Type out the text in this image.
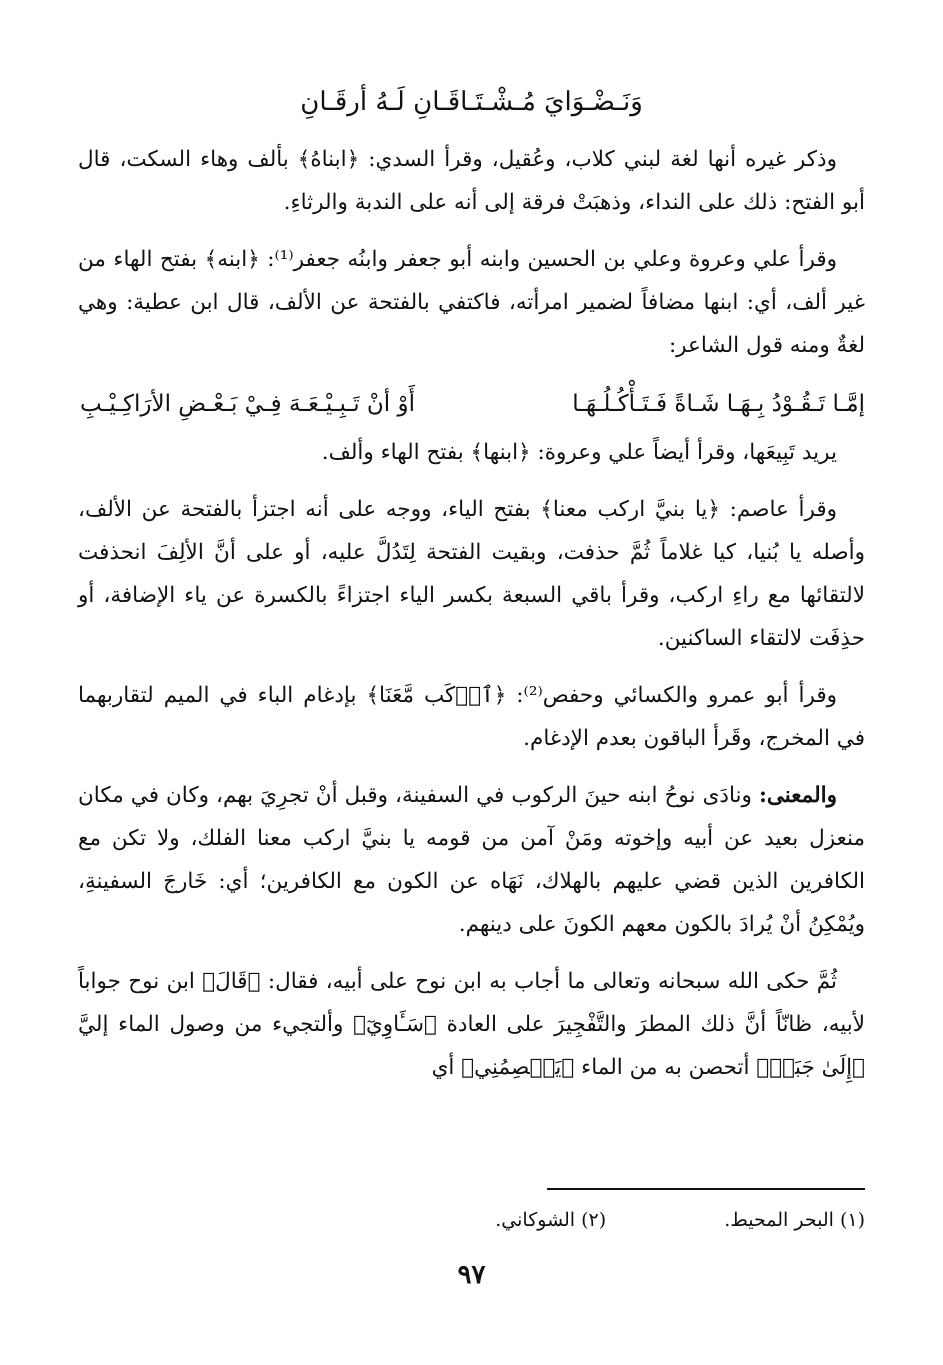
وَنَـضْـوَايَ مُـشْـتَـاقَـانِ لَـهُ أرقَـانِ

وذكر غيره أنها لغة لبني كلاب، وعُقيل، وقرأ السدي: ﴿ابناهُ﴾ بألف وهاء السكت، قال أبو الفتح: ذلك على النداء، وذهبَتْ فرقة إلى أنه على الندبة والرثاءِ.

وقرأ علي وعروة وعلي بن الحسين وابنه أبو جعفر وابنُه جعفر⁽¹⁾: ﴿ابنه﴾ بفتح الهاء من غير ألف، أي: ابنها مضافاً لضمير امرأته، فاكتفي بالفتحة عن الألف، قال ابن عطية: وهي لغةٌ ومنه قول الشاعر:

إمَّـا تَـقُـوْدُ بِـهَـا شَـاةً فَـتَـأْكُـلُـهَـا
أَوْ أنْ تَـبِـيْـعَـهَ فِـيْ بَـعْـضِ الأرَاكِـيْـبِ

يريد تَبِيعَها، وقرأ أيضاً علي وعروة: ﴿ابنها﴾ بفتح الهاء وألف.

وقرأ عاصم: ﴿يا بنيَّ اركب معنا﴾ بفتح الياء، ووجه على أنه اجتزأ بالفتحة عن الألف، وأصله يا بُنيا، كيا غلاماً ثُمَّ حذفت، وبقيت الفتحة لِتَدُلَّ عليه، أو على أنَّ الألِفَ انحذفت لالتقائها مع راءِ اركب، وقرأ باقي السبعة بكسر الياء اجتزاءً بالكسرة عن ياء الإضافة، أو حذِفَت لالتقاء الساكنين.

وقرأ أبو عمرو والكسائي وحفص⁽²⁾: ﴿ٱرۡكَب مَّعَنَا﴾ بإدغام الباء في الميم لتقاربهما في المخرج، وقَرأ الباقون بعدم الإدغام.

والمعنى: ونادَى نوحُ ابنه حينَ الركوب في السفينة، وقبل أنْ تجرِيَ بهم، وكان في مكان منعزل بعيد عن أبيه وإخوته ومَنْ آمن من قومه يا بنيَّ اركب معنا الفلك، ولا تكن مع الكافرين الذين قضي عليهم بالهلاك، نَهَاه عن الكون مع الكافرين؛ أي: خَارجَ السفينةِ، ويُمْكِنُ أنْ يُرادَ بالكون معهم الكونَ على دينهم.

ثُمَّ حكى الله سبحانه وتعالى ما أجاب به ابن نوح على أبيه، فقال: ﴿قَالَ﴾ ابن نوح جواباً لأبيه، ظانّاً أنَّ ذلك المطرَ والتَّفْجِيرَ على العادة ﴿سَـَٔاوِيٓ﴾ وألتجيء من وصول الماء إليَّ ﴿إِلَىٰ جَبَلٖ﴾ أتحصن به من الماء ﴿يَعۡصِمُنِي﴾ أي

(١) البحر المحيط.
(٢) الشوكاني.
٩٧
